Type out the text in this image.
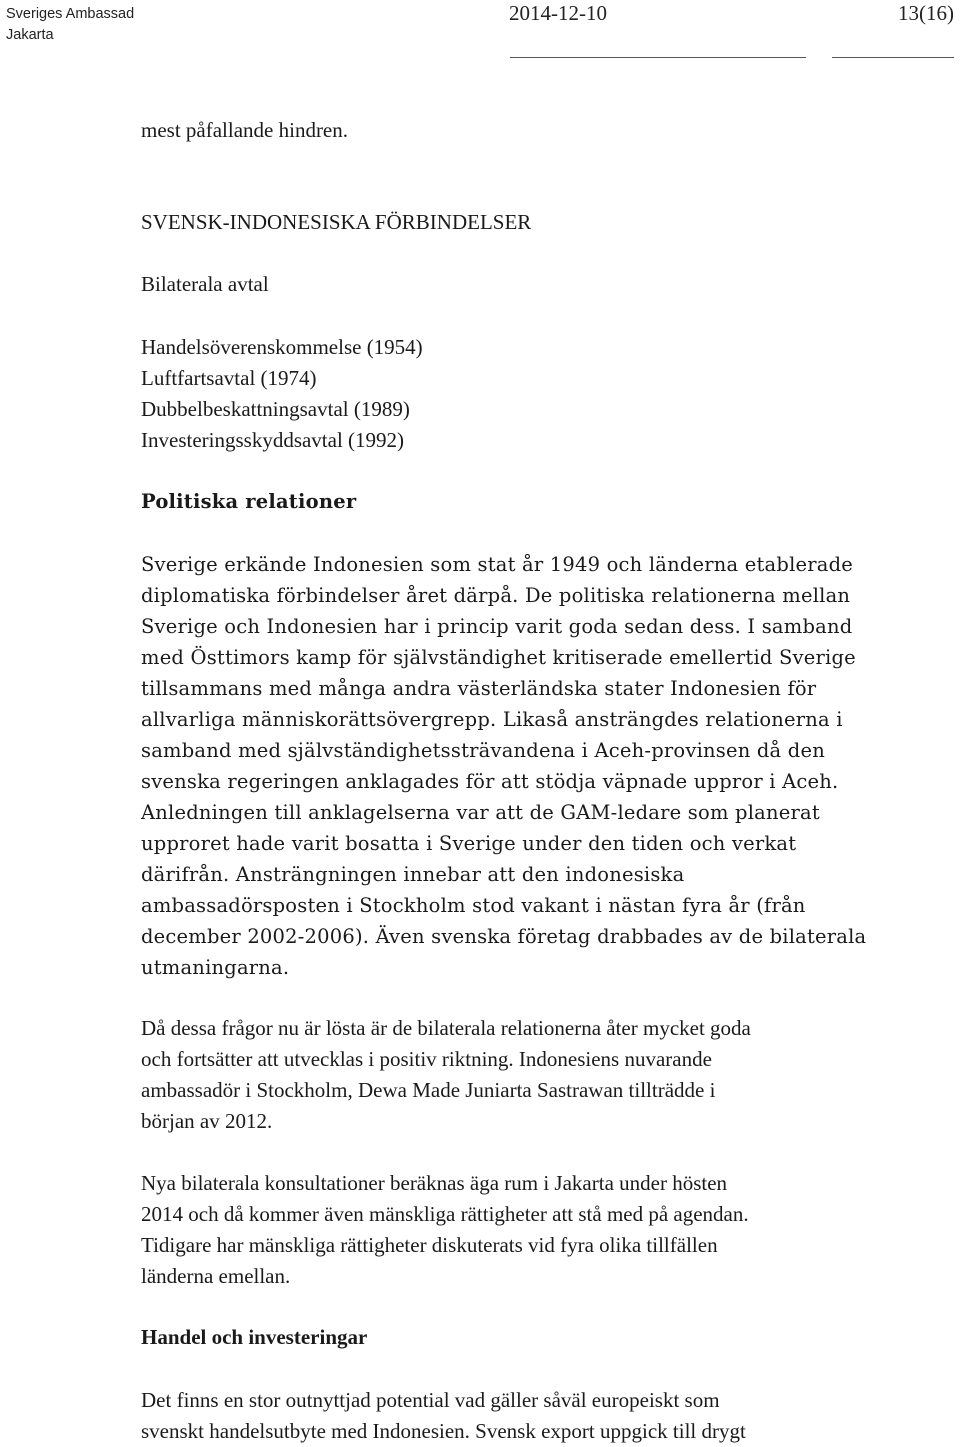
Sveriges Ambassad
Jakarta
2014-12-10	13(16)

mest påfallande hindren.

SVENSK-INDONESISKA FÖRBINDELSER

Bilaterala avtal

Handelsöverenskommelse (1954)
Luftfartsavtal (1974)
Dubbelbeskattningsavtal (1989)
Investeringsskyddsavtal (1992)

Politiska relationer

Sverige erkände Indonesien som stat år 1949 och länderna etablerade
diplomatiska förbindelser året därpå. De politiska relationerna mellan
Sverige och Indonesien har i princip varit goda sedan dess. I samband
med Östtimors kamp för självständighet kritiserade emellertid Sverige
tillsammans med många andra västerländska stater Indonesien för
allvarliga människorättsövergrepp. Likaså ansträngdes relationerna i
samband med självständighetssträvandena i Aceh-provinsen då den
svenska regeringen anklagades för att stödja väpnade uppror i Aceh.
Anledningen till anklagelserna var att de GAM-ledare som planerat
upproret hade varit bosatta i Sverige under den tiden och verkat
därifrån. Ansträngningen innebar att den indonesiska
ambassadörsposten i Stockholm stod vakant i nästan fyra år (från
december 2002-2006). Även svenska företag drabbades av de bilaterala
utmaningarna.
Då dessa frågor nu är lösta är de bilaterala relationerna åter mycket goda
och fortsätter att utvecklas i positiv riktning. Indonesiens nuvarande
ambassadör i Stockholm, Dewa Made Juniarta Sastrawan tillträdde i
början av 2012.
Nya bilaterala konsultationer beräknas äga rum i Jakarta under hösten
2014 och då kommer även mänskliga rättigheter att stå med på agendan.
Tidigare har mänskliga rättigheter diskuterats vid fyra olika tillfällen
länderna emellan.

Handel och investeringar

Det finns en stor outnyttjad potential vad gäller såväl europeiskt som
svenskt handelsutbyte med Indonesien. Svensk export uppgick till drygt
